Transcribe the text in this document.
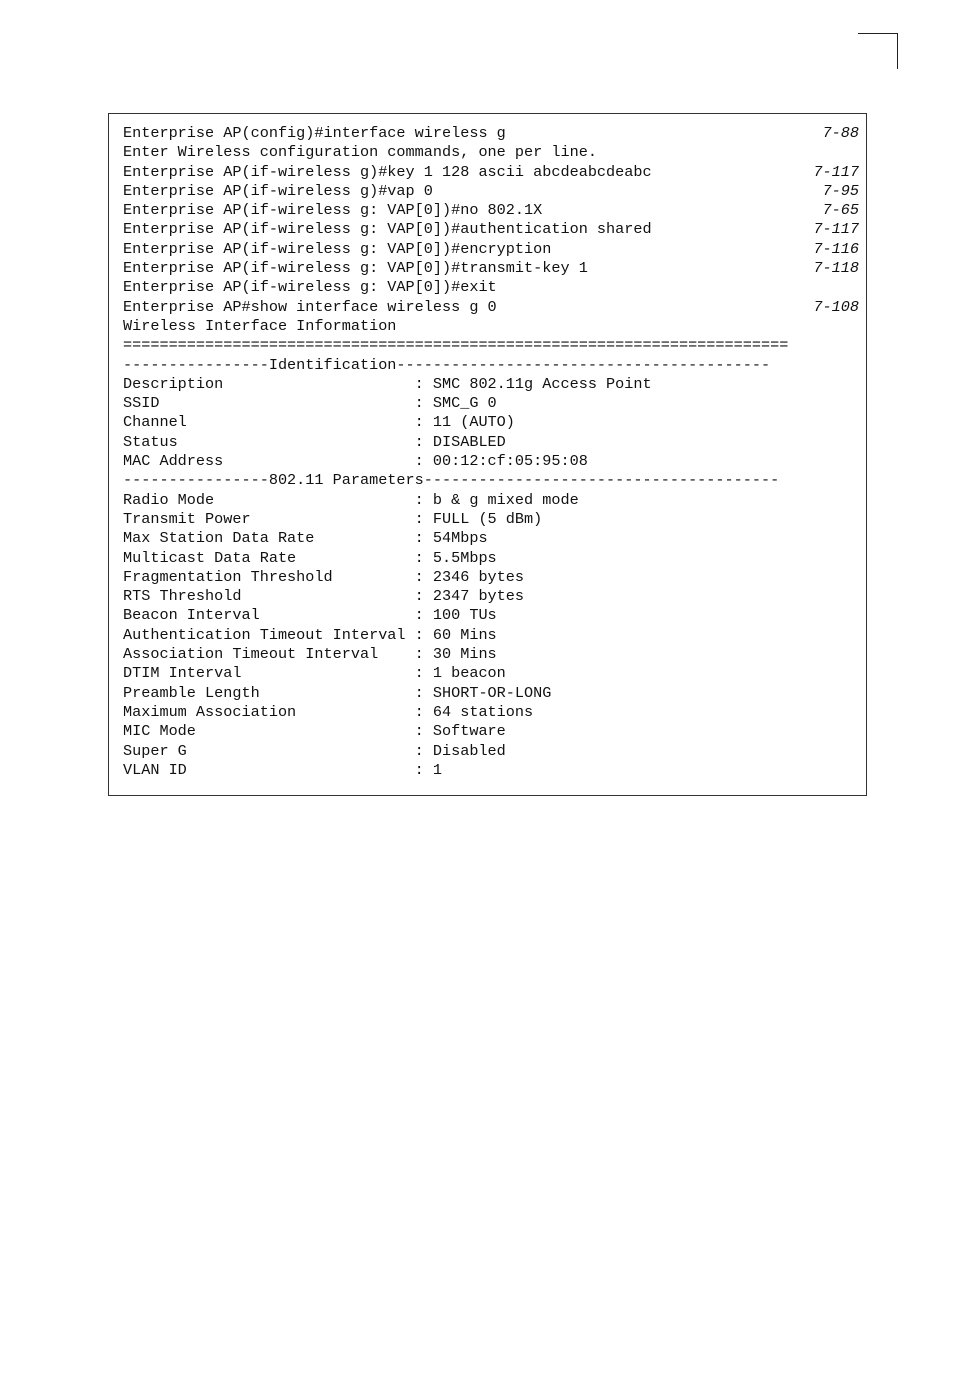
Enterprise AP(config)#interface wireless g	7-88
Enter Wireless configuration commands, one per line.
Enterprise AP(if-wireless g)#key 1 128 ascii abcdeabcdeabc	7-117
Enterprise AP(if-wireless g)#vap 0	7-95
Enterprise AP(if-wireless g: VAP[0])#no 802.1X	7-65
Enterprise AP(if-wireless g: VAP[0])#authentication shared	7-117
Enterprise AP(if-wireless g: VAP[0])#encryption	7-116
Enterprise AP(if-wireless g: VAP[0])#transmit-key 1	7-118
Enterprise AP(if-wireless g: VAP[0])#exit
Enterprise AP#show interface wireless g 0	7-108
Wireless Interface Information
=========================================================================
----------------Identification-----------------------------------------
Description                     : SMC 802.11g Access Point
SSID                            : SMC_G 0
Channel                         : 11 (AUTO)
Status                          : DISABLED
MAC Address                     : 00:12:cf:05:95:08
----------------802.11 Parameters---------------------------------------
Radio Mode                      : b & g mixed mode
Transmit Power                  : FULL (5 dBm)
Max Station Data Rate           : 54Mbps
Multicast Data Rate             : 5.5Mbps
Fragmentation Threshold         : 2346 bytes
RTS Threshold                   : 2347 bytes
Beacon Interval                 : 100 TUs
Authentication Timeout Interval : 60 Mins
Association Timeout Interval    : 30 Mins
DTIM Interval                   : 1 beacon
Preamble Length                 : SHORT-OR-LONG
Maximum Association             : 64 stations
MIC Mode                        : Software
Super G                         : Disabled
VLAN ID                         : 1
